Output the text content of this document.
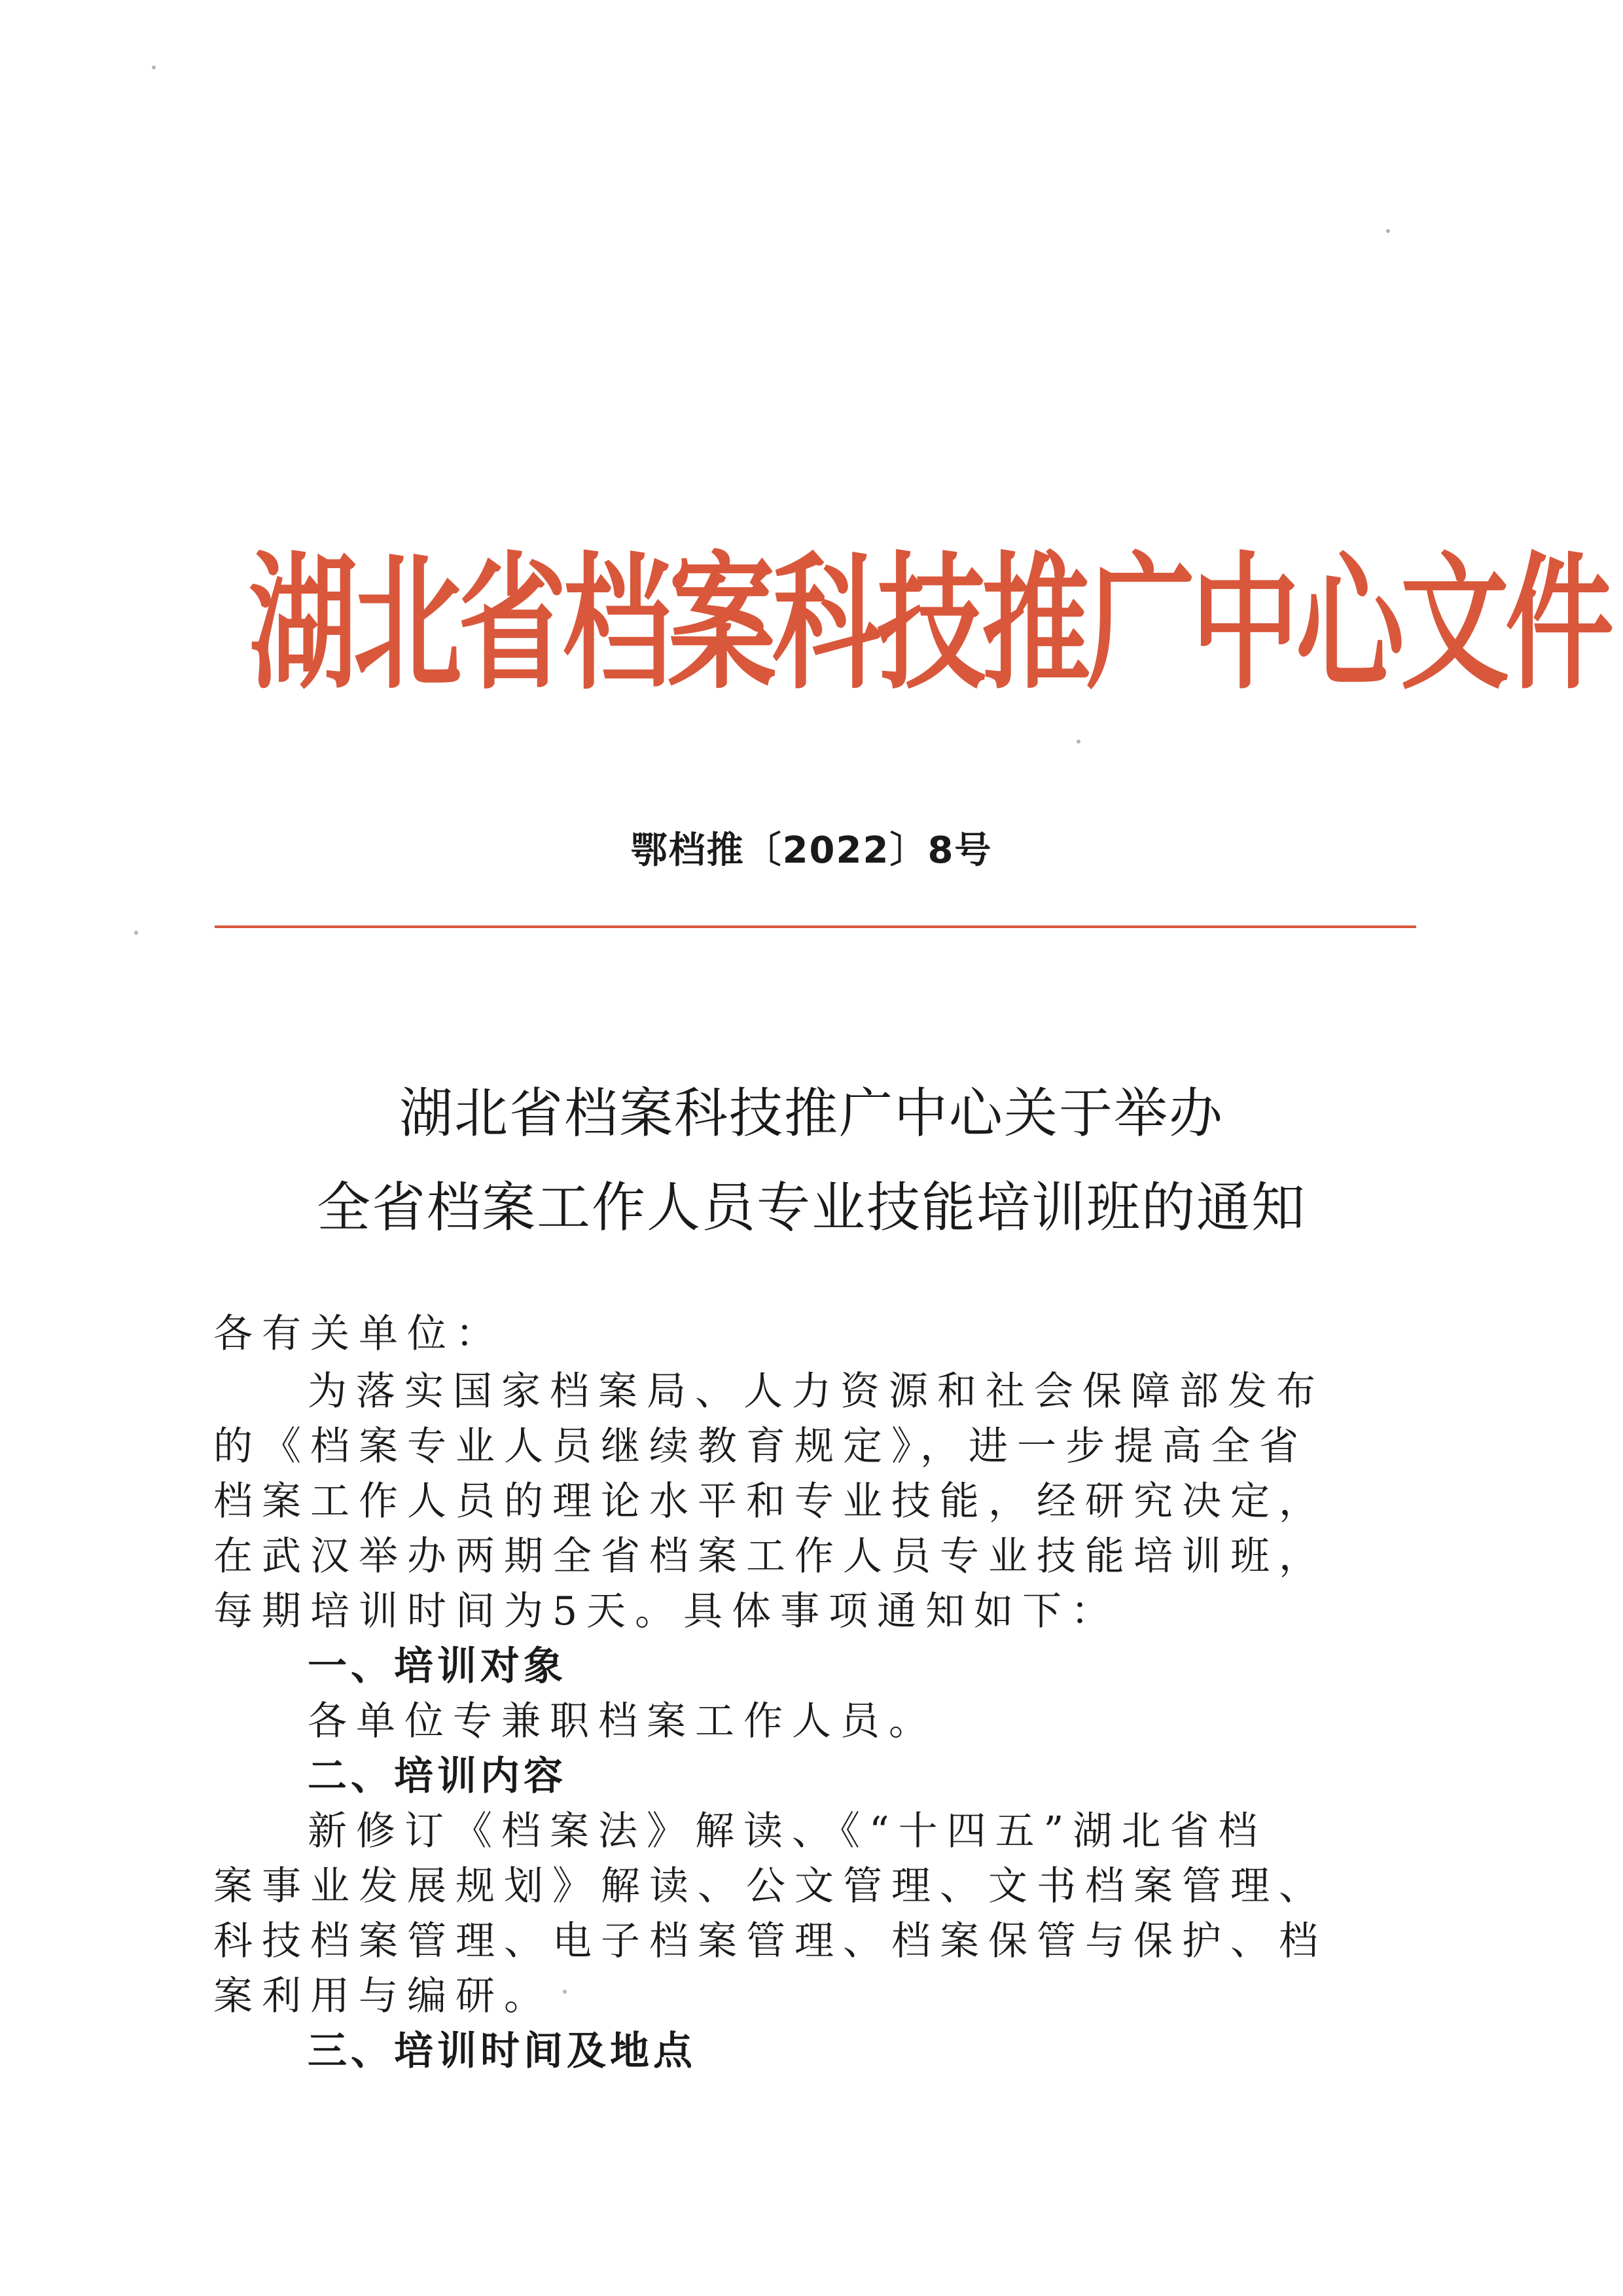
湖北省档案科技推广中心文件
鄂档推〔2022〕8号
湖北省档案科技推广中心关于举办
全省档案工作人员专业技能培训班的通知
各有关单位：
为落实国家档案局、人力资源和社会保障部发布
的《档案专业人员继续教育规定》，进一步提高全省
档案工作人员的理论水平和专业技能，经研究决定，
在武汉举办两期全省档案工作人员专业技能培训班，
每期培训时间为5天。具体事项通知如下：
一、培训对象
各单位专兼职档案工作人员。
二、培训内容
新修订《档案法》解读、《“十四五”湖北省档
案事业发展规划》解读、公文管理、文书档案管理、
科技档案管理、电子档案管理、档案保管与保护、档
案利用与编研。
三、培训时间及地点
